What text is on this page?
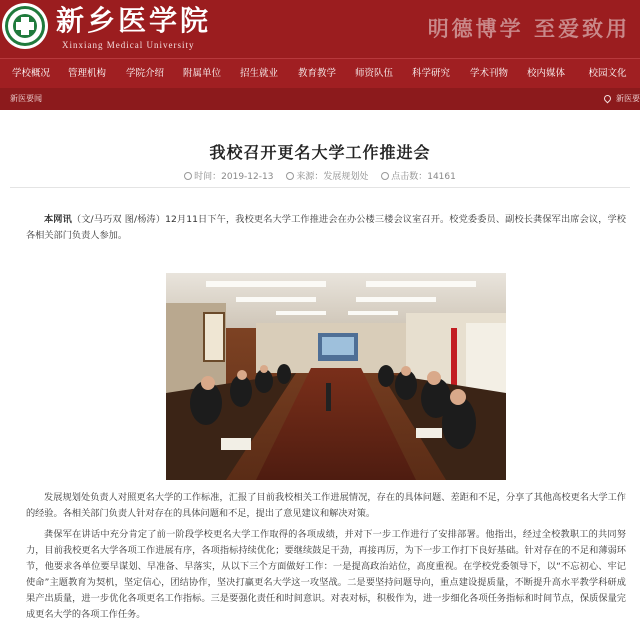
新乡医学院
Xinxiang Medical University
明德博学 至爱致用
学校概况	管理机构	学院介绍	附属单位	招生就业	教育教学	师资队伍	科学研究	学术刊物	校内媒体	校园文化
新医要闻	新医要
我校召开更名大学工作推进会
时间：2019-12-13	来源：发展规划处	点击数：14161
本网讯（文/马巧双 图/杨涛）12月11日下午，我校更名大学工作推进会在办公楼三楼会议室召开。校党委委员、副校长龚保军出席会议，学校各相关部门负责人参加。
发展规划处负责人对照更名大学的工作标准，汇报了目前我校相关工作进展情况，存在的具体问题、差距和不足，分享了其他高校更名大学工作的经验。各相关部门负责人针对存在的具体问题和不足，提出了意见建议和解决对策。
龚保军在讲话中充分肯定了前一阶段学校更名大学工作取得的各项成绩，并对下一步工作进行了安排部署。他指出，经过全校教职工的共同努力，目前我校更名大学各项工作进展有序，各项指标持续优化；要继续鼓足干劲，再接再厉，为下一步工作打下良好基础。针对存在的不足和薄弱环节，他要求各单位要早谋划、早准备、早落实，从以下三个方面做好工作：一是提高政治站位，高度重视。在学校党委领导下，以“不忘初心、牢记使命”主题教育为契机，坚定信心，团结协作，坚决打赢更名大学这一攻坚战。二是要坚持问题导向，重点建设提质量，不断提升高水平教学科研成果产出质量，进一步优化各项更名工作指标。三是要强化责任和时间意识。对表对标，积极作为，进一步细化各项任务指标和时间节点，保质保量完成更名大学的各项工作任务。
